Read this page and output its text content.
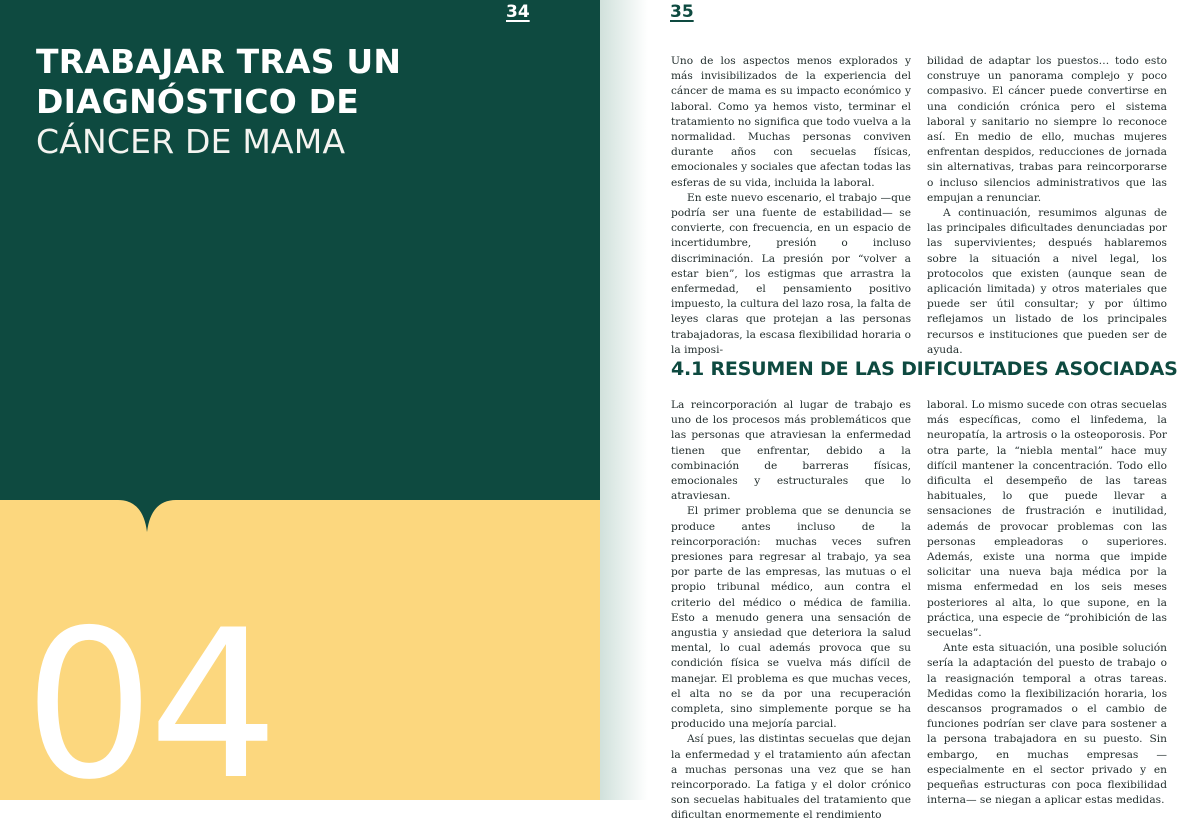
34
TRABAJAR TRAS UN
DIAGNÓSTICO DE
CÁNCER DE MAMA
04
35

Uno de los aspectos menos explorados y más invisibilizados de la experiencia del cáncer de mama es su impacto económico y laboral. Como ya hemos visto, terminar el tratamiento no significa que todo vuelva a la normalidad. Muchas personas conviven durante años con secuelas físicas, emocionales y sociales que afectan todas las esferas de su vida, incluida la laboral.

En este nuevo escenario, el trabajo —que podría ser una fuente de estabilidad— se convierte, con frecuencia, en un espacio de incertidumbre, presión o incluso discriminación. La presión por “volver a estar bien”, los estigmas que arrastra la enfermedad, el pensamiento positivo impuesto, la cultura del lazo rosa, la falta de leyes claras que protejan a las personas trabajadoras, la escasa flexibilidad horaria o la imposi-

bilidad de adaptar los puestos… todo esto construye un panorama complejo y poco compasivo. El cáncer puede convertirse en una condición crónica pero el sistema laboral y sanitario no siempre lo reconoce así. En medio de ello, muchas mujeres enfrentan despidos, reducciones de jornada sin alternativas, trabas para reincorporarse o incluso silencios administrativos que las empujan a renunciar.

A continuación, resumimos algunas de las principales dificultades denunciadas por las supervivientes; después hablaremos sobre la situación a nivel legal, los protocolos que existen (aunque sean de aplicación limitada) y otros materiales que puede ser útil consultar; y por último reflejamos un listado de los principales recursos e instituciones que pueden ser de ayuda.

4.1 RESUMEN DE LAS DIFICULTADES ASOCIADAS

La reincorporación al lugar de trabajo es uno de los procesos más problemáticos que las personas que atraviesan la enfermedad tienen que enfrentar, debido a la combinación de barreras físicas, emocionales y estructurales que lo atraviesan.

El primer problema que se denuncia se produce antes incluso de la reincorporación: muchas veces sufren presiones para regresar al trabajo, ya sea por parte de las empresas, las mutuas o el propio tribunal médico, aun contra el criterio del médico o médica de familia. Esto a menudo genera una sensación de angustia y ansiedad que deteriora la salud mental, lo cual además provoca que su condición física se vuelva más difícil de manejar. El problema es que muchas veces, el alta no se da por una recuperación completa, sino simplemente porque se ha producido una mejoría parcial.

Así pues, las distintas secuelas que dejan la enfermedad y el tratamiento aún afectan a muchas personas una vez que se han reincorporado. La fatiga y el dolor crónico son secuelas habituales del tratamiento que dificultan enormemente el rendimiento

laboral. Lo mismo sucede con otras secuelas más específicas, como el linfedema, la neuropatía, la artrosis o la osteoporosis. Por otra parte, la “niebla mental” hace muy difícil mantener la concentración. Todo ello dificulta el desempeño de las tareas habituales, lo que puede llevar a sensaciones de frustración e inutilidad, además de provocar problemas con las personas empleadoras o superiores. Además, existe una norma que impide solicitar una nueva baja médica por la misma enfermedad en los seis meses posteriores al alta, lo que supone, en la práctica, una especie de “prohibición de las secuelas”.

Ante esta situación, una posible solución sería la adaptación del puesto de trabajo o la reasignación temporal a otras tareas. Medidas como la flexibilización horaria, los descansos programados o el cambio de funciones podrían ser clave para sostener a la persona trabajadora en su puesto. Sin embargo, en muchas empresas —especialmente en el sector privado y en pequeñas estructuras con poca flexibilidad interna— se niegan a aplicar estas medidas.
